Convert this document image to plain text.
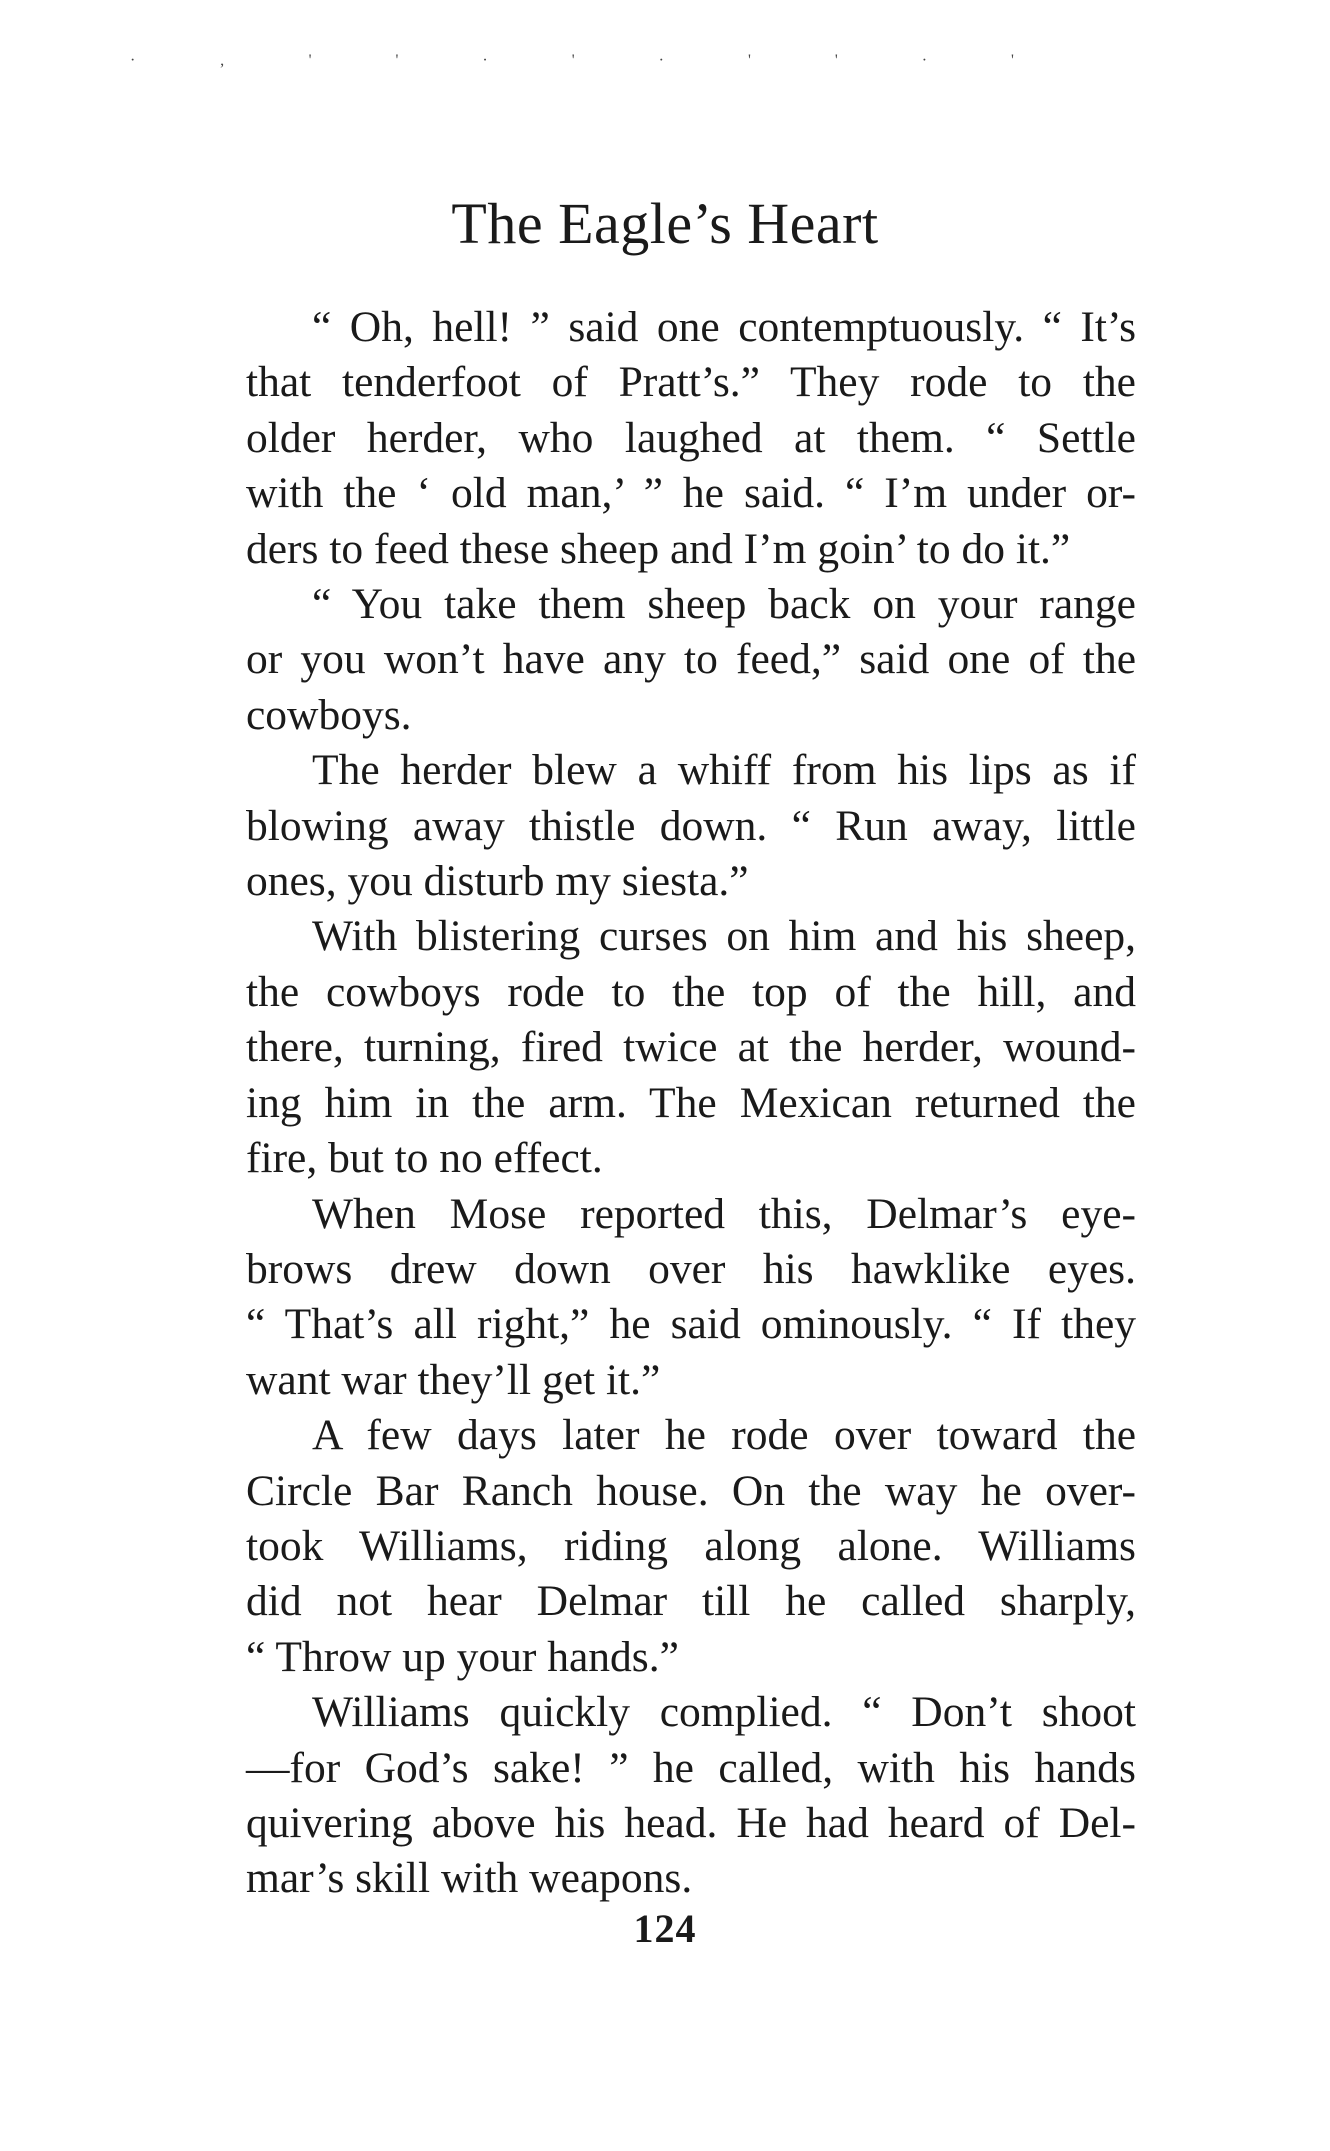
· ‚ ' ' · ' · ' ' · '
The Eagle’s Heart
“ Oh, hell! ” said one contemptuously. “ It’s
that tenderfoot of Pratt’s.” They rode to the
older herder, who laughed at them. “ Settle
with the ‘ old man,’ ” he said. “ I’m under or-
ders to feed these sheep and I’m goin’ to do it.”
“ You take them sheep back on your range
or you won’t have any to feed,” said one of the
cowboys.
The herder blew a whiff from his lips as if
blowing away thistle down. “ Run away, little
ones, you disturb my siesta.”
With blistering curses on him and his sheep,
the cowboys rode to the top of the hill, and
there, turning, fired twice at the herder, wound-
ing him in the arm. The Mexican returned the
fire, but to no effect.
When Mose reported this, Delmar’s eye-
brows drew down over his hawklike eyes.
“ That’s all right,” he said ominously. “ If they
want war they’ll get it.”
A few days later he rode over toward the
Circle Bar Ranch house. On the way he over-
took Williams, riding along alone. Williams
did not hear Delmar till he called sharply,
“ Throw up your hands.”
Williams quickly complied. “ Don’t shoot
—for God’s sake! ” he called, with his hands
quivering above his head. He had heard of Del-
mar’s skill with weapons.
124
